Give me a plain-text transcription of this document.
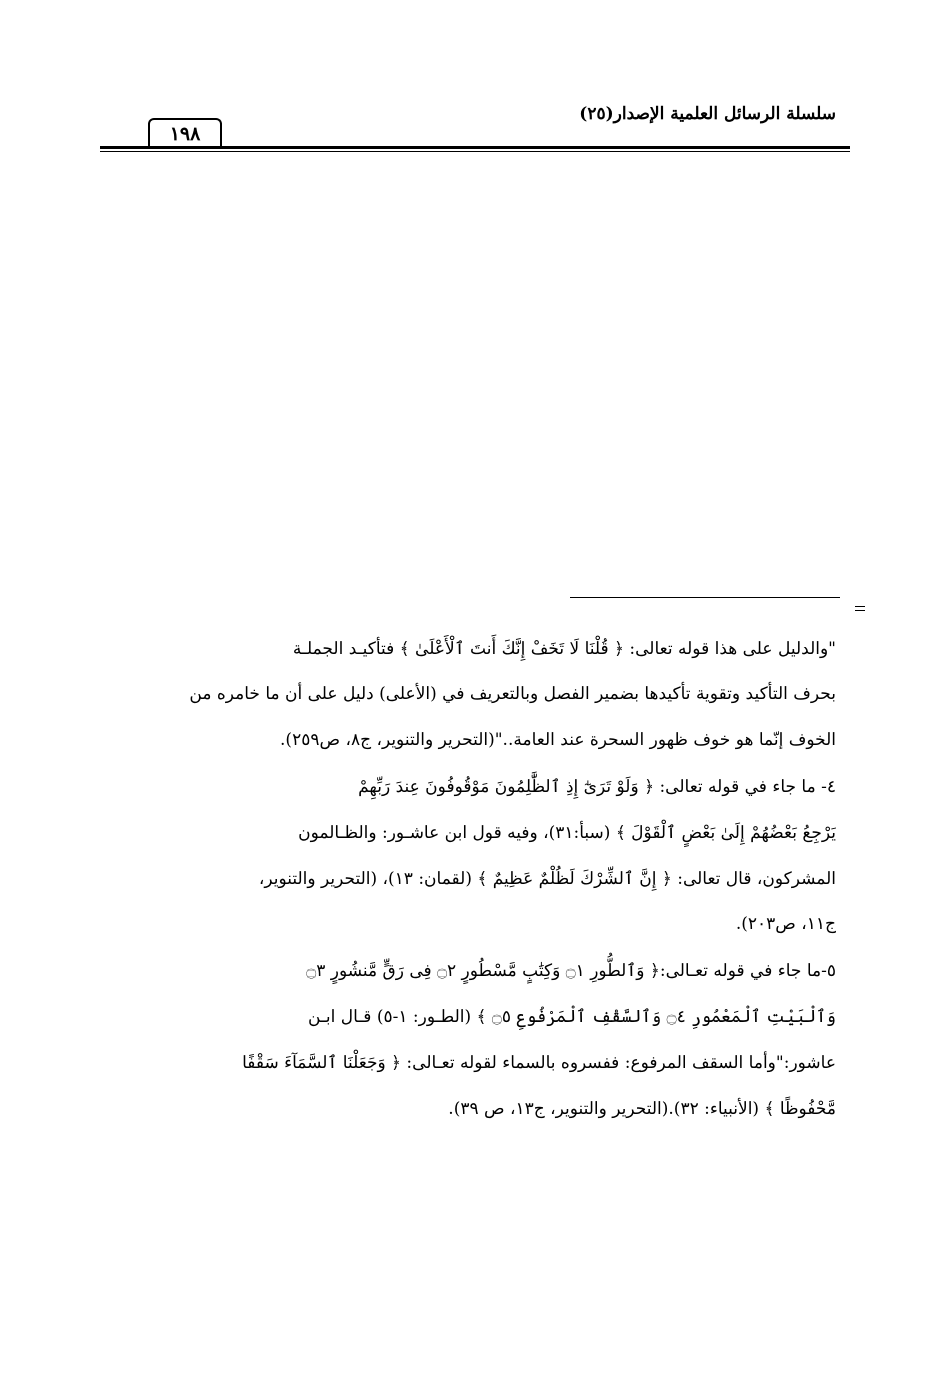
سلسلة الرسائل العلمية الإصدار(٢٥)
١٩٨
"والدليل على هذا قوله تعالى: ﴿ قُلْنَا لَا تَخَفْ إِنَّكَ أَنتَ ٱلْأَعْلَىٰ ﴾ فتأكيـد الجملـة
بحرف التأكيد وتقوية تأكيدها بضمير الفصل وبالتعريف في (الأعلى) دليل على أن ما خامره من
الخوف إنّما هو خوف ظهور السحرة عند العامة.."(التحرير والتنوير، ج٨، ص٢٥٩).
٤- ما جاء في قوله تعالى: ﴿ وَلَوْ تَرَىٰٓ إِذِ ٱلظَّٰلِمُونَ مَوْقُوفُونَ عِندَ رَبِّهِمْ
يَرْجِعُ بَعْضُهُمْ إِلَىٰ بَعْضٍ ٱلْقَوْلَ ﴾ (سبأ:٣١)، وفيه قول ابن عاشـور: والظـالمون
المشركون، قال تعالى: ﴿ إِنَّ ٱلشِّرْكَ لَظُلْمٌ عَظِيمٌ ﴾ (لقمان: ١٣)، (التحرير والتنوير،
ج١١، ص٢٠٣).
٥-ما جاء في قوله تعـالى:﴿ وَٱلطُّورِ ۝١ وَكِتَٰبٍ مَّسْطُورٍ ۝٢ فِى رَقٍّ مَّنشُورٍ ۝٣
وَٱلْبَيْتِ ٱلْمَعْمُورِ ۝٤ وَٱلسَّقْفِ ٱلْمَرْفُوعِ ۝٥ ﴾ (الطـور: ١-٥) قـال ابـن
عاشور:"وأما السقف المرفوع: ففسروه بالسماء لقوله تعـالى: ﴿ وَجَعَلْنَا ٱلسَّمَآءَ سَقْفًا
مَّحْفُوظًا ﴾ (الأنبياء: ٣٢).(التحرير والتنوير، ج١٣، ص ٣٩).
